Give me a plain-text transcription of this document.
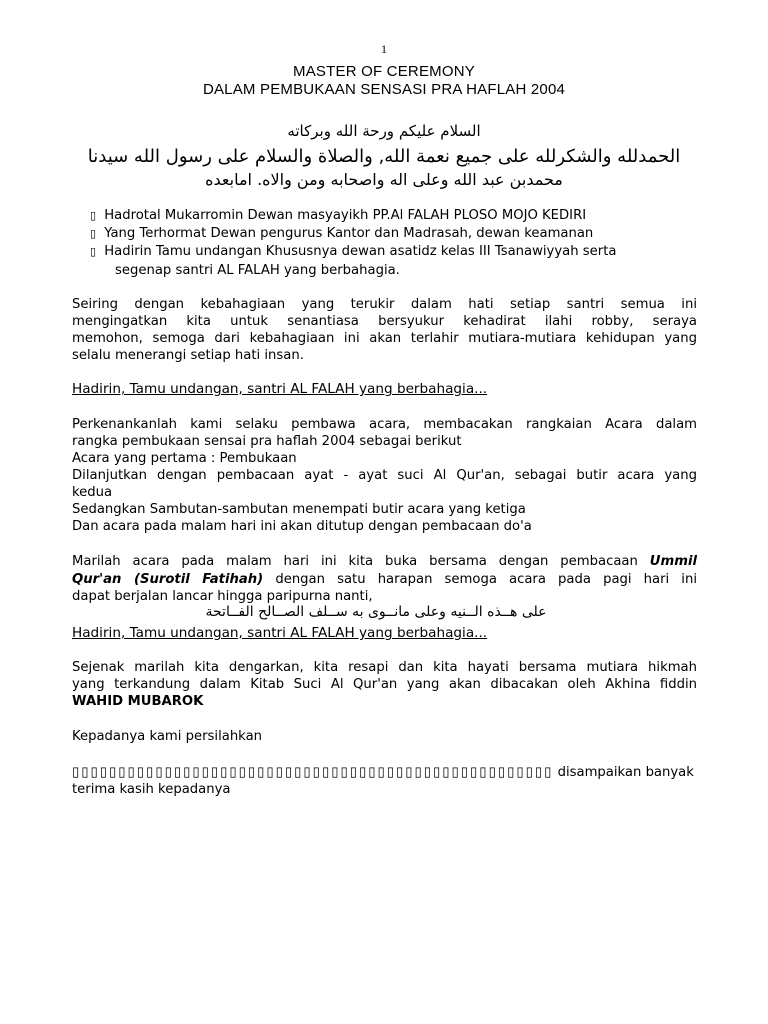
1
MASTER OF CEREMONY
DALAM PEMBUKAAN SENSASI PRA HAFLAH 2004
السلام عليكم ورحة الله وبركاته
الحمدلله والشكرلله على جميع نعمة الله, والصلاة والسلام على رسول الله سيدنا
محمدبن عبد الله وعلى اله واصحابه ومن والاه. امابعده
▯ Hadrotal Mukarromin Dewan masyayikh PP.Al FALAH PLOSO MOJO KEDIRI
▯ Yang Terhormat Dewan pengurus Kantor dan Madrasah, dewan keamanan
▯ Hadirin Tamu undangan Khususnya dewan asatidz kelas III Tsanawiyyah serta
segenap santri AL FALAH yang berbahagia.
Seiring dengan kebahagiaan yang terukir dalam hati setiap santri semua ini
mengingatkan kita untuk senantiasa bersyukur kehadirat ilahi robby, seraya
memohon, semoga dari kebahagiaan ini akan terlahir mutiara-mutiara kehidupan yang
selalu menerangi setiap hati insan.
Hadirin, Tamu undangan, santri AL FALAH yang berbahagia...
Perkenankanlah kami selaku pembawa acara, membacakan rangkaian Acara dalam
rangka pembukaan sensai pra haflah 2004 sebagai berikut
Acara yang pertama : Pembukaan
Dilanjutkan dengan pembacaan ayat - ayat suci Al Qur'an, sebagai butir acara yang
kedua
Sedangkan Sambutan-sambutan menempati butir acara yang ketiga
Dan acara pada malam hari ini akan ditutup dengan pembacaan do'a
Marilah acara pada malam hari ini kita buka bersama dengan pembacaan Ummil
Qur'an (Surotil Fatihah) dengan satu harapan semoga acara pada pagi hari ini
dapat berjalan lancar hingga paripurna nanti,
على هــذه الــنيه وعلى مانــوى به ســلف الصــالح الفــاتحة
Hadirin, Tamu undangan, santri AL FALAH yang berbahagia...
Sejenak marilah kita dengarkan, kita resapi dan kita hayati bersama mutiara hikmah
yang terkandung dalam Kitab Suci Al Qur'an yang akan dibacakan oleh Akhina fiddin
WAHID MUBAROK
Kepadanya kami persilahkan
▯▯▯▯▯▯▯▯▯▯▯▯▯▯▯▯▯▯▯▯▯▯▯▯▯▯▯▯▯▯▯▯▯▯▯▯▯▯▯▯▯▯▯▯▯▯▯▯▯▯▯▯ disampaikan banyak
terima kasih kepadanya
